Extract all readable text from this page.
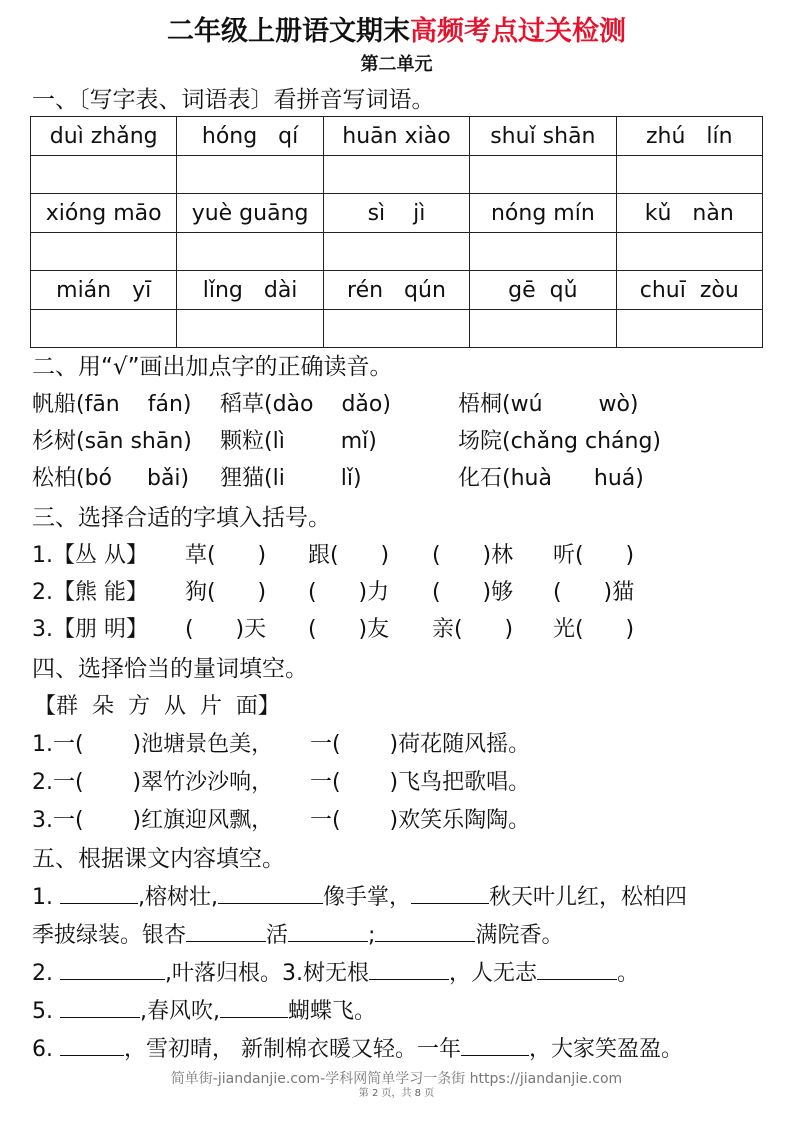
二年级上册语文期末高频考点过关检测
第二单元
一、〔写字表、词语表〕看拼音写词语。
duì zhǎng	hóng   qí	huān xiào	shuǐ shān	zhú   lín

xióng māo	yuè guāng	sì    jì	nóng mín	kǔ   nàn

mián   yī	lǐng   dài	rén   qún	gē  qǔ	chuī  zòu

二、用“√”画出加点字的正确读音。
帆船(fān    fán) 稻草(dào    dǎo)	梧桐(wú        wò)
杉树(sān shān) 颗粒(lì        mǐ)	场院(chǎng cháng)
松柏(bó     bǎi) 狸猫(li        lǐ)	化石(huà      huá)
三、选择合适的字填入括号。
1.【丛 从】 草(      ) 跟(      ) (      )林 听(      )
2.【熊 能】 狗(      ) (      )力 (      )够 (      )猫
3.【朋 明】 (      )天 (      )友 亲(      ) 光(      )
四、选择恰当的量词填空。
【群  朵  方  从  片  面】
1.一(       )池塘景色美， 一(       )荷花随风摇。
2.一(       )翠竹沙沙响， 一(       )飞鸟把歌唱。
3.一(       )红旗迎风飘， 一(       )欢笑乐陶陶。
五、根据课文内容填空。
1.	,榕树壮,	像手掌，	秋天叶儿红，松柏四
季披绿装。银杏	活	;	满院香。
2.	,叶落归根。3.树无根	，人无志	。
5.	,春风吹,	蝴蝶飞。
6.	，雪初晴， 新制棉衣暖又轻。一年	，大家笑盈盈。
简单街-jiandanjie.com-学科网简单学习一条街 https://jiandanjie.com
第 2 页，共 8 页
